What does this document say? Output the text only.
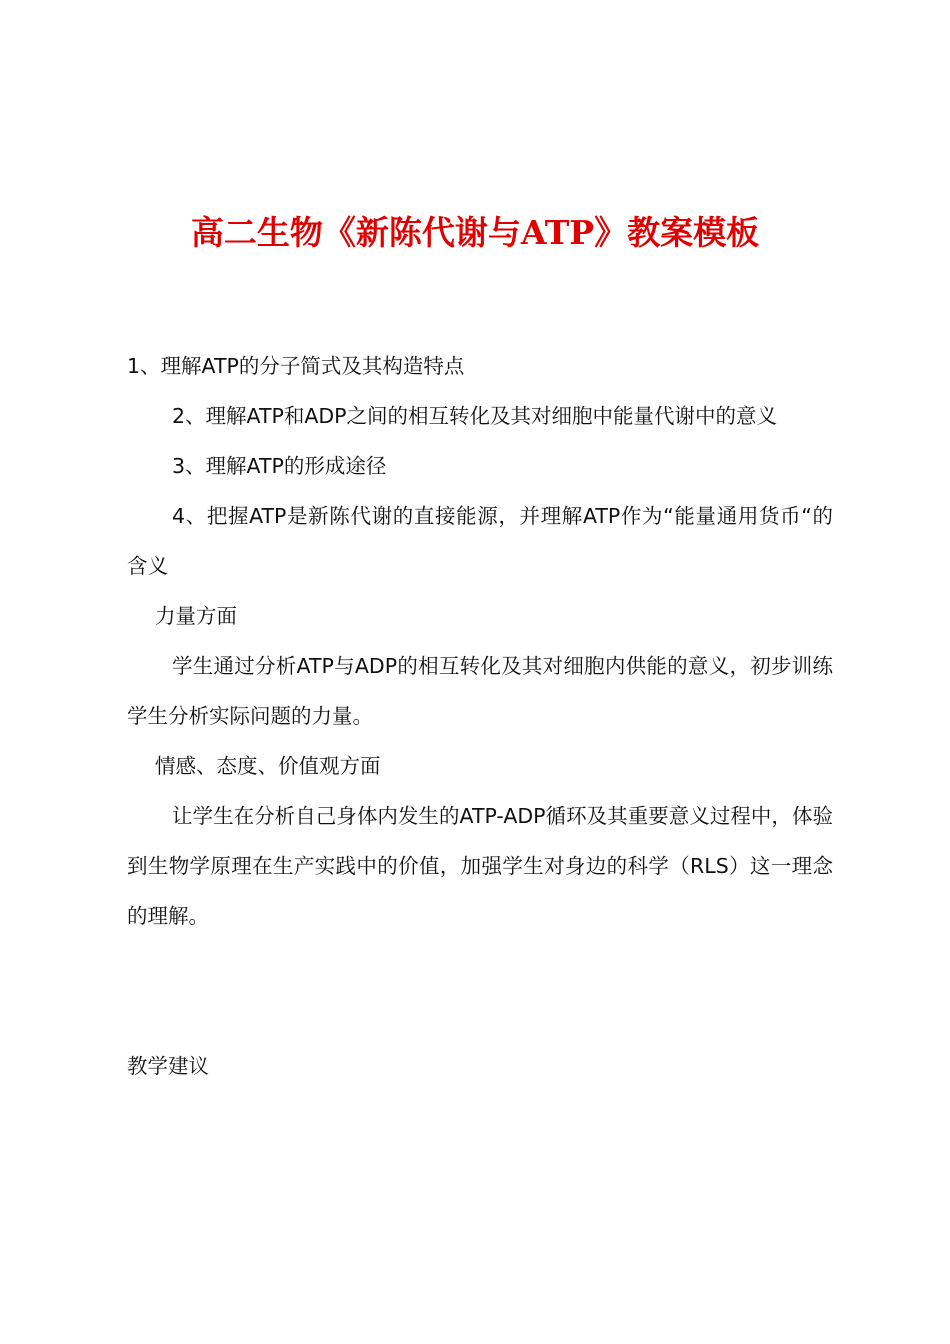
高二生物《新陈代谢与ATP》教案模板

1、理解ATP的分子简式及其构造特点

2、理解ATP和ADP之间的相互转化及其对细胞中能量代谢中的意义

3、理解ATP的形成途径

4、把握ATP是新陈代谢的直接能源，并理解ATP作为“能量通用货币“的含义

力量方面

学生通过分析ATP与ADP的相互转化及其对细胞内供能的意义，初步训练学生分析实际问题的力量。

情感、态度、价值观方面

让学生在分析自己身体内发生的ATP-ADP循环及其重要意义过程中，体验到生物学原理在生产实践中的价值，加强学生对身边的科学（RLS）这一理念的理解。

教学建议
